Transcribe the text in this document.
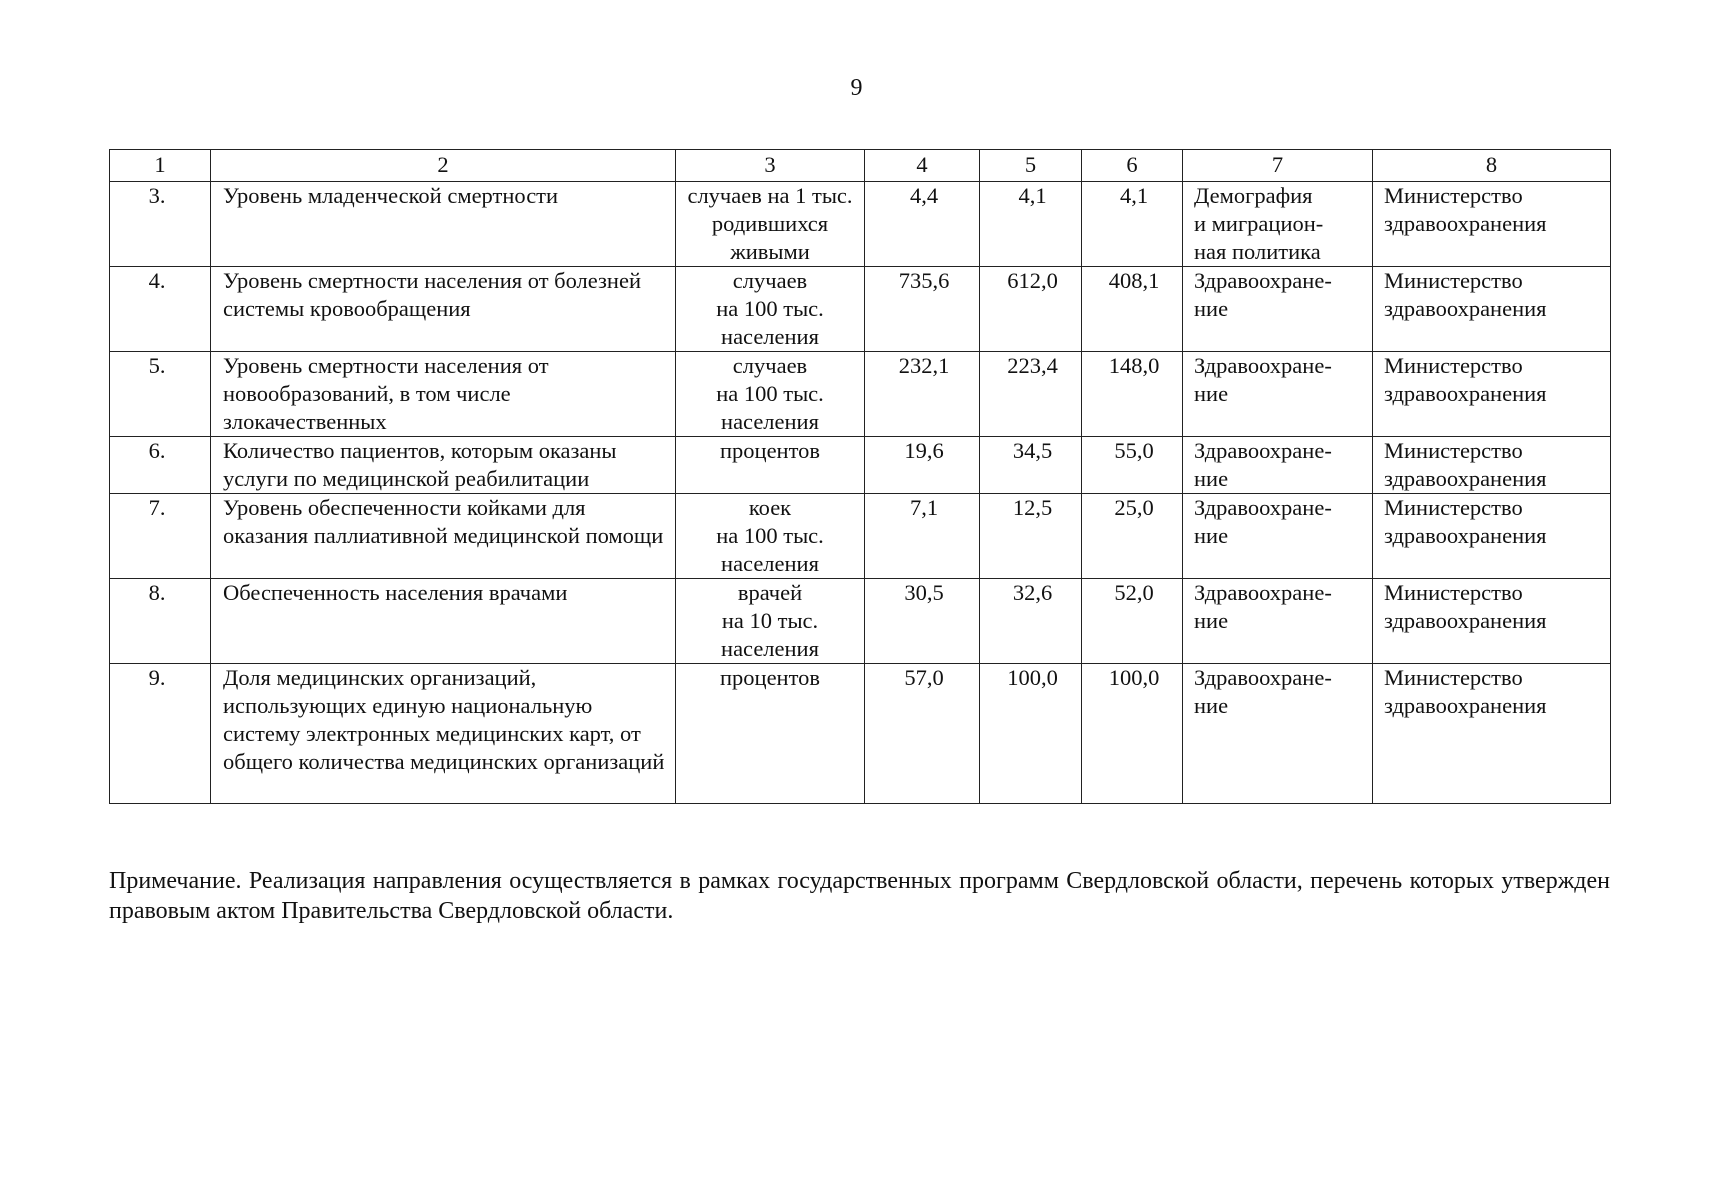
9
1	2	3	4	5	6	7	8
3.	Уровень младенческой смертности	случаев на 1 тыс.
родившихся
живыми	4,4	4,1	4,1	Демография
и миграцион-
ная политика	Министерство
здравоохранения
4.	Уровень смертности населения от болезней системы кровообращения	случаев
на 100 тыс.
населения	735,6	612,0	408,1	Здравоохране-
ние	Министерство
здравоохранения
5.	Уровень смертности населения от новообразований, в том числе злокачественных	случаев
на 100 тыс.
населения	232,1	223,4	148,0	Здравоохране-
ние	Министерство
здравоохранения
6.	Количество пациентов, которым оказаны услуги по медицинской реабилитации	процентов	19,6	34,5	55,0	Здравоохране-
ние	Министерство
здравоохранения
7.	Уровень обеспеченности койками для оказания паллиативной медицинской помощи	коек
на 100 тыс.
населения	7,1	12,5	25,0	Здравоохране-
ние	Министерство
здравоохранения
8.	Обеспеченность населения врачами	врачей
на 10 тыс.
населения	30,5	32,6	52,0	Здравоохране-
ние	Министерство
здравоохранения
9.	Доля медицинских организаций, использующих единую национальную систему электронных медицинских карт, от общего количества медицинских организаций	процентов	57,0	100,0	100,0	Здравоохране-
ние	Министерство
здравоохранения
Примечание. Реализация направления осуществляется в рамках государственных программ Свердловской области, перечень которых утвержден правовым актом Правительства Свердловской области.
